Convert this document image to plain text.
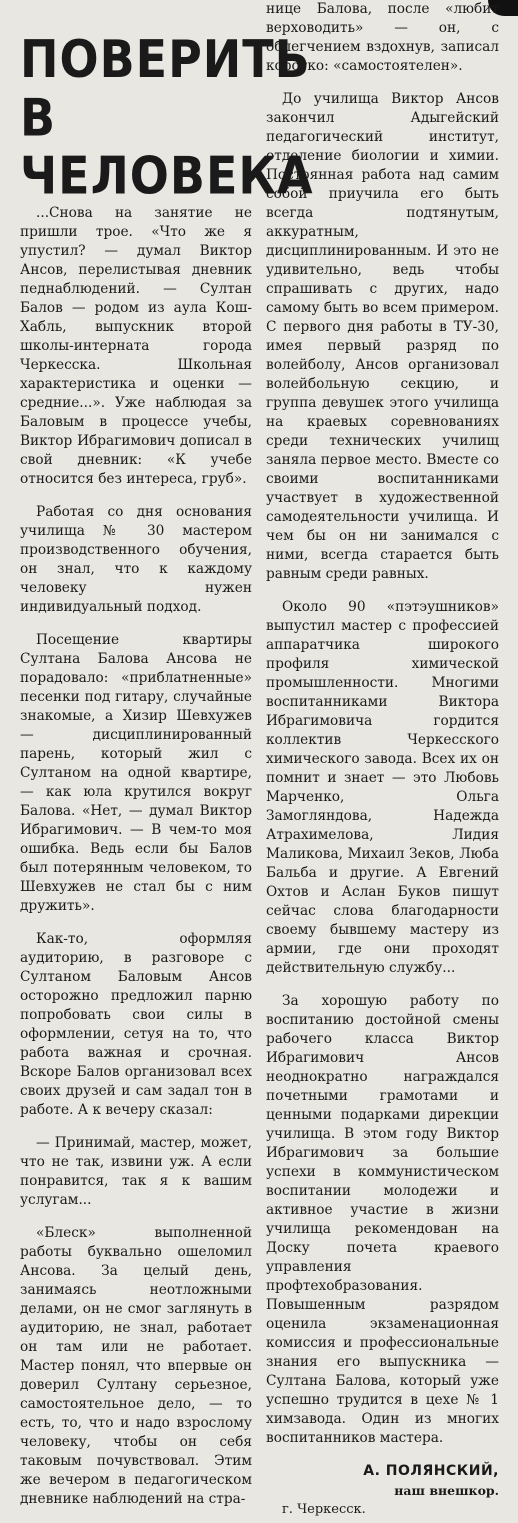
ПОВЕРИТЬ
В ЧЕЛОВЕКА

...Снова на занятие не пришли трое. «Что же я упустил? — думал Виктор Ансов, перелистывая дневник педнаблюдений. — Султан Балов — родом из аула Кош-Хабль, выпускник второй школы-интерната города Черкесска. Школьная характеристика и оценки — средние...». Уже наблюдая за Баловым в процессе учебы, Виктор Ибрагимович дописал в свой дневник: «К учебе относится без интереса, груб».

Работая со дня основания училища № 30 мастером производственного обучения, он знал, что к каждому человеку нужен индивидуальный подход.

Посещение квартиры Султана Балова Ансова не порадовало: «приблатненные» песенки под гитару, случайные знакомые, а Хизир Шевхужев — дисциплинированный парень, который жил с Султаном на одной квартире, — как юла крутился вокруг Балова. «Нет, — думал Виктор Ибрагимович. — В чем-то моя ошибка. Ведь если бы Балов был потерянным человеком, то Шевхужев не стал бы с ним дружить».

Как-то, оформляя аудиторию, в разговоре с Султаном Баловым Ансов осторожно предложил парню попробовать свои силы в оформлении, сетуя на то, что работа важная и срочная. Вскоре Балов организовал всех своих друзей и сам задал тон в работе. А к вечеру сказал:

— Принимай, мастер, может, что не так, извини уж. А если понравится, так я к вашим услугам...

«Блеск» выполненной работы буквально ошеломил Ансова. За целый день, занимаясь неотложными делами, он не смог заглянуть в аудиторию, не знал, работает он там или не работает. Мастер понял, что впервые он доверил Султану серьезное, самостоятельное дело, — то есть, то, что и надо взрослому человеку, чтобы он себя таковым почувствовал. Этим же вечером в педагогическом дневнике наблюдений на стра-

нице Балова, после «любит верховодить» — он, с облегчением вздохнув, записал коротко: «самостоятелен».

До училища Виктор Ансов закончил Адыгейский педагогический институт, отделение биологии и химии. Постоянная работа над самим собой приучила его быть всегда подтянутым, аккуратным, дисциплинированным. И это не удивительно, ведь чтобы спрашивать с других, надо самому быть во всем примером. С первого дня работы в ТУ-30, имея первый разряд по волейболу, Ансов организовал волейбольную секцию, и группа девушек этого училища на краевых соревнованиях среди технических училищ заняла первое место. Вместе со своими воспитанниками участвует в художественной самодеятельности училища. И чем бы он ни занимался с ними, всегда старается быть равным среди равных.

Около 90 «пэтэушников» выпустил мастер с профессией аппаратчика широкого профиля химической промышленности. Многими воспитанниками Виктора Ибрагимовича гордится коллектив Черкесского химического завода. Всех их он помнит и знает — это Любовь Марченко, Ольга Замогляндова, Надежда Атрахимелова, Лидия Маликова, Михаил Зеков, Люба Бальба и другие. А Евгений Охтов и Аслан Буков пишут сейчас слова благодарности своему бывшему мастеру из армии, где они проходят действительную службу...

За хорошую работу по воспитанию достойной смены рабочего класса Виктор Ибрагимович Ансов неоднократно награждался почетными грамотами и ценными подарками дирекции училища. В этом году Виктор Ибрагимович за большие успехи в коммунистическом воспитании молодежи и активное участие в жизни училища рекомендован на Доску почета краевого управления профтехобразования. Повышенным разрядом оценила экзаменационная комиссия и профессиональные знания его выпускника — Султана Балова, который уже успешно трудится в цехе № 1 химзавода. Один из многих воспитанников мастера.

А. ПОЛЯНСКИЙ,
наш внешкор.
г. Черкесск.
